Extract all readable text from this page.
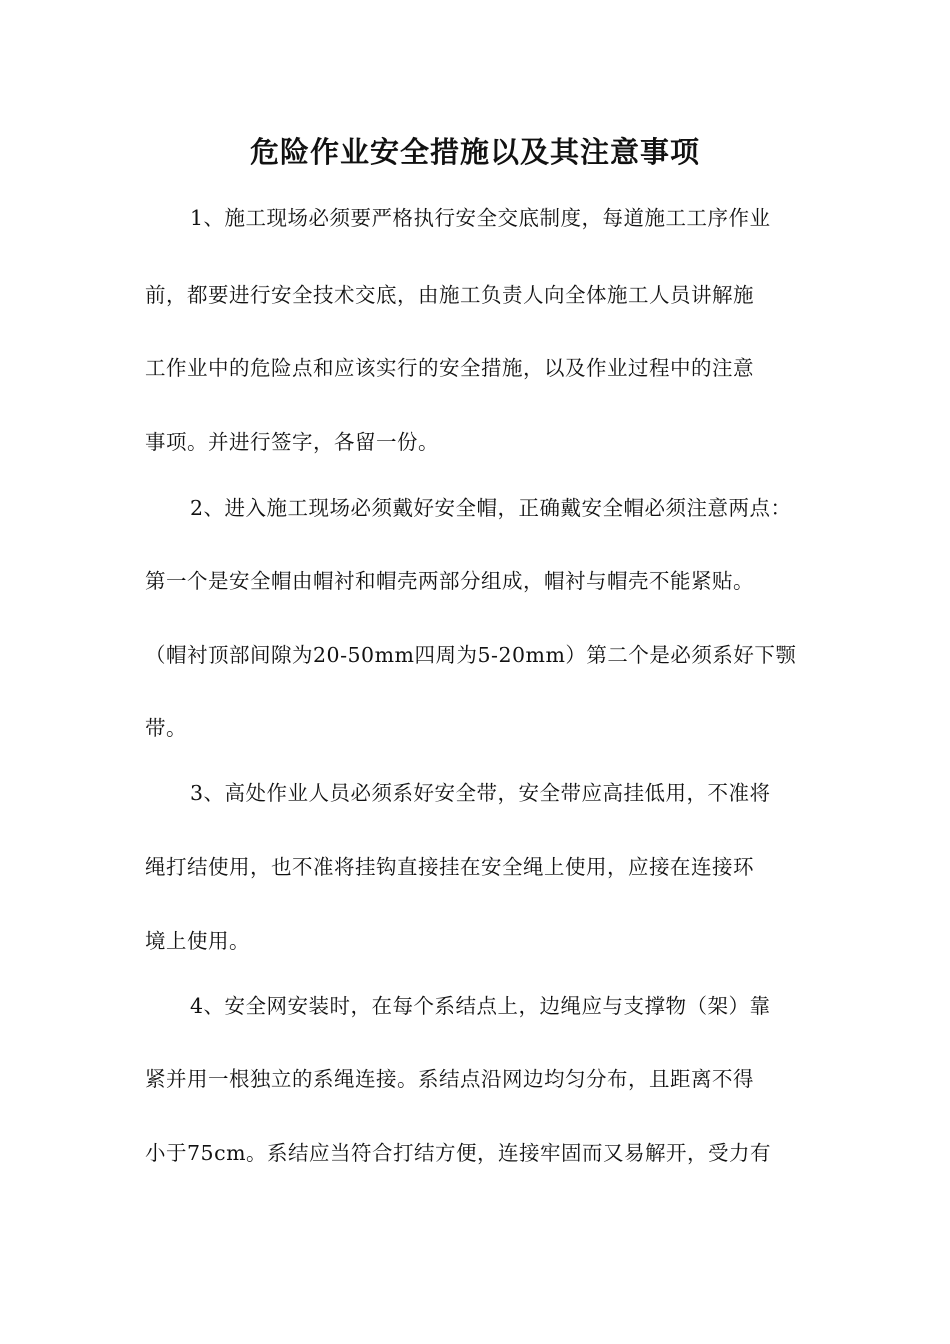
危险作业安全措施以及其注意事项
1、施工现场必须要严格执行安全交底制度，每道施工工序作业
前，都要进行安全技术交底，由施工负责人向全体施工人员讲解施
工作业中的危险点和应该实行的安全措施，以及作业过程中的注意
事项。并进行签字，各留一份。
2、进入施工现场必须戴好安全帽，正确戴安全帽必须注意两点：
第一个是安全帽由帽衬和帽壳两部分组成，帽衬与帽壳不能紧贴。
（帽衬顶部间隙为20-50mm四周为5-20mm）第二个是必须系好下颚
带。
3、高处作业人员必须系好安全带，安全带应高挂低用，不准将
绳打结使用，也不准将挂钩直接挂在安全绳上使用，应接在连接环
境上使用。
4、安全网安装时，在每个系结点上，边绳应与支撑物（架）靠
紧并用一根独立的系绳连接。系结点沿网边均匀分布，且距离不得
小于75cm。系结应当符合打结方便，连接牢固而又易解开，受力有
